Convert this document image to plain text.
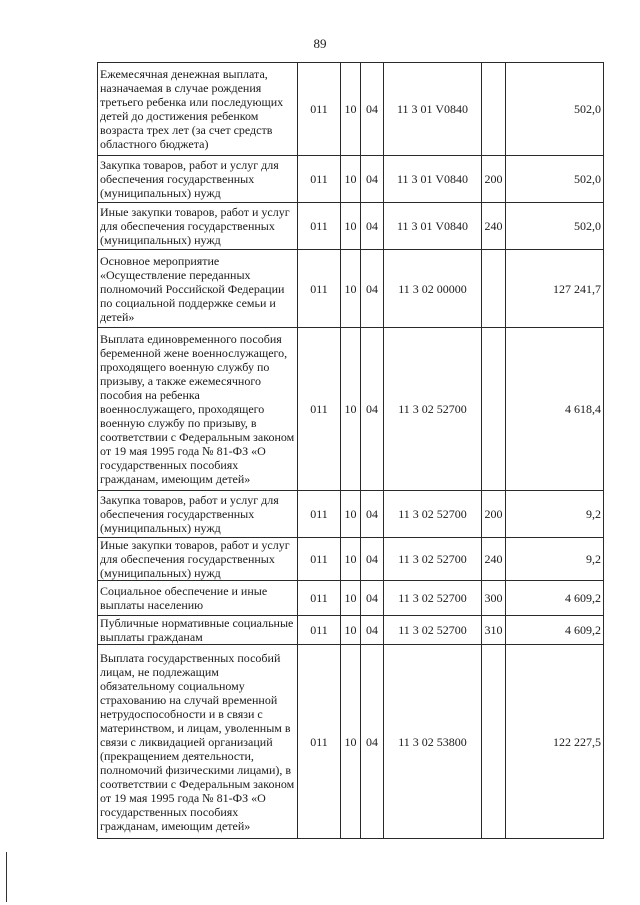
89
Ежемесячная денежная выплата, назначаемая в случае рождения третьего ребенка или последующих детей до достижения ребенком возраста трех лет (за счет средств областного бюджета)	011	10	04	11 3 01 V0840		502,0
Закупка товаров, работ и услуг для обеспечения государственных (муниципальных) нужд	011	10	04	11 3 01 V0840	200	502,0
Иные закупки товаров, работ и услуг для обеспечения государственных (муниципальных) нужд	011	10	04	11 3 01 V0840	240	502,0
Основное мероприятие «Осуществление переданных полномочий Российской Федерации по социальной поддержке семьи и детей»	011	10	04	11 3 02 00000		127 241,7
Выплата единовременного пособия беременной жене военнослужащего, проходящего военную службу по призыву, а также ежемесячного пособия на ребенка военнослужащего, проходящего военную службу по призыву, в соответствии с Федеральным законом от 19 мая 1995 года № 81-ФЗ «О государственных пособиях гражданам, имеющим детей»	011	10	04	11 3 02 52700		4 618,4
Закупка товаров, работ и услуг для обеспечения государственных (муниципальных) нужд	011	10	04	11 3 02 52700	200	9,2
Иные закупки товаров, работ и услуг для обеспечения государственных (муниципальных) нужд	011	10	04	11 3 02 52700	240	9,2
Социальное обеспечение и иные выплаты населению	011	10	04	11 3 02 52700	300	4 609,2
Публичные нормативные социальные выплаты гражданам	011	10	04	11 3 02 52700	310	4 609,2
Выплата государственных пособий лицам, не подлежащим обязательному социальному страхованию на случай временной нетрудоспособности и в связи с материнством, и лицам, уволенным в связи с ликвидацией организаций (прекращением деятельности, полномочий физическими лицами), в соответствии с Федеральным законом от 19 мая 1995 года № 81-ФЗ «О государственных пособиях гражданам, имеющим детей»	011	10	04	11 3 02 53800		122 227,5
